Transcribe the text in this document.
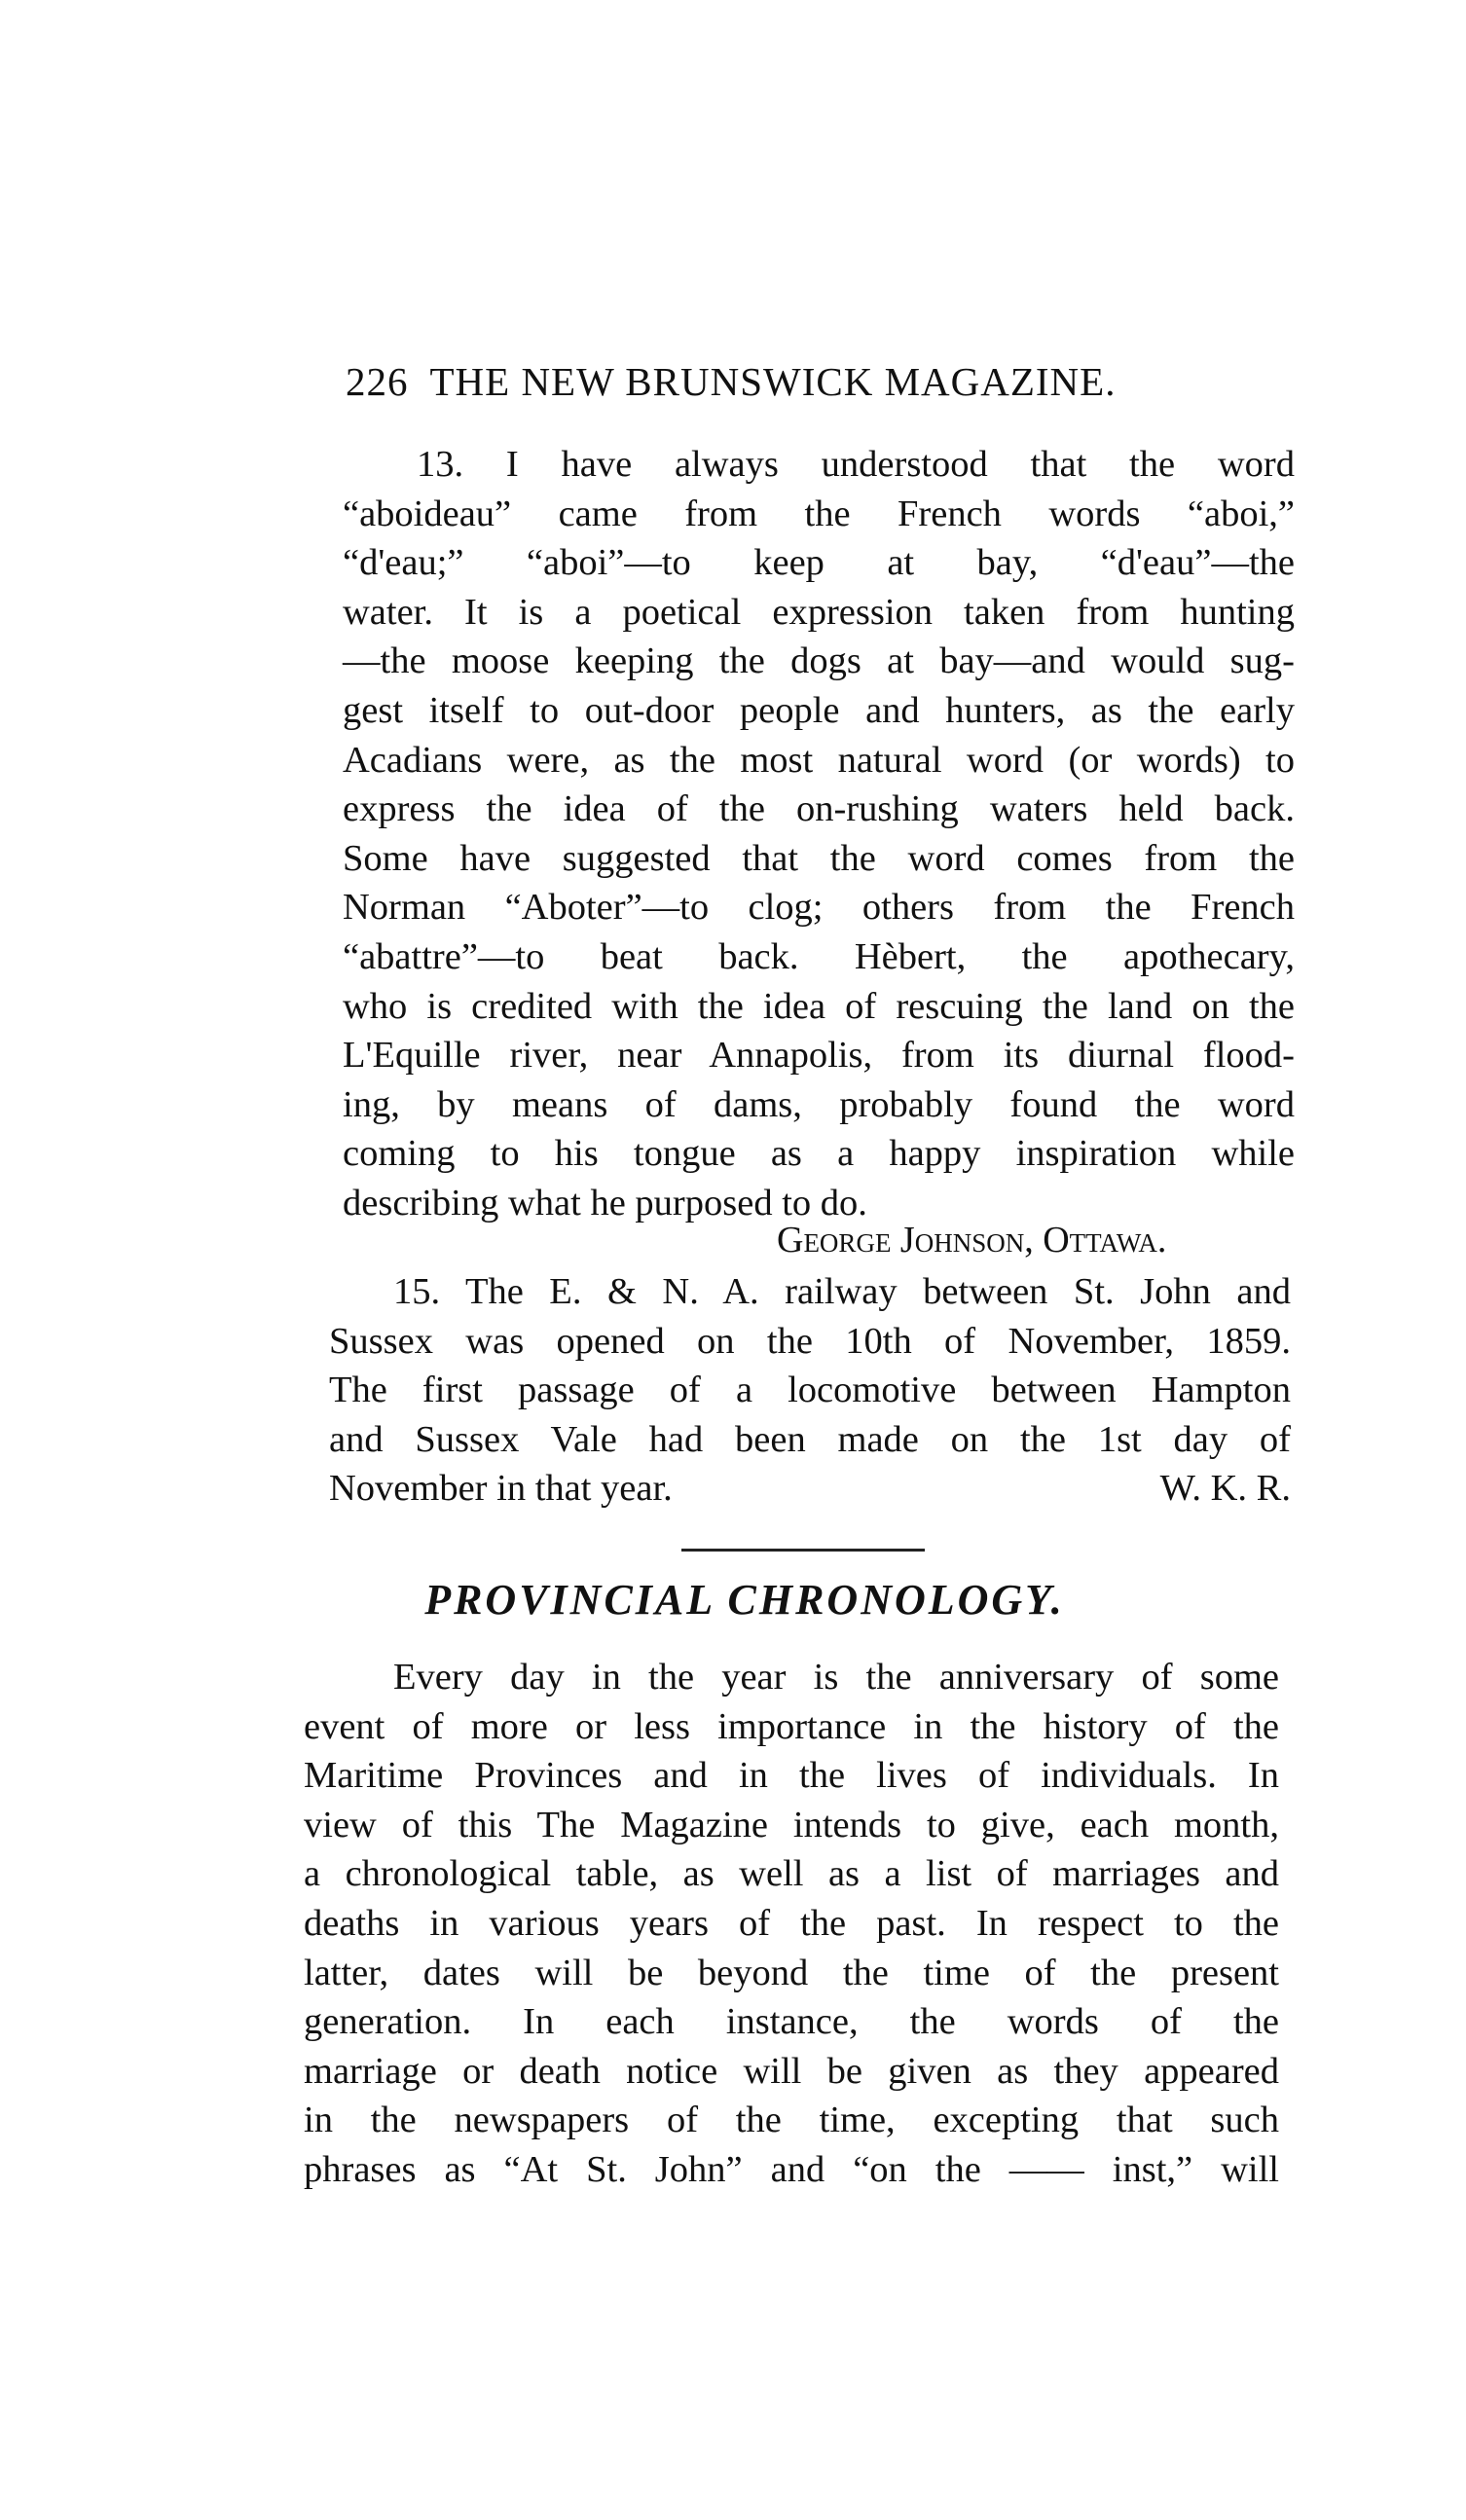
226 THE NEW BRUNSWICK MAGAZINE.
13. I have always understood that the word
“aboideau” came from the French words “aboi,”
“d'eau;” “aboi”—to keep at bay, “d'eau”—the
water. It is a poetical expression taken from hunting
—the moose keeping the dogs at bay—and would sug-
gest itself to out-door people and hunters, as the early
Acadians were, as the most natural word (or words) to
express the idea of the on-rushing waters held back.
Some have suggested that the word comes from the
Norman “Aboter”—to clog; others from the French
“abattre”—to beat back. Hèbert, the apothecary,
who is credited with the idea of rescuing the land on the
L'Equille river, near Annapolis, from its diurnal flood-
ing, by means of dams, probably found the word
coming to his tongue as a happy inspiration while
describing what he purposed to do.
George Johnson, Ottawa.
15. The E. & N. A. railway between St. John and
Sussex was opened on the 10th of November, 1859.
The first passage of a locomotive between Hampton
and Sussex Vale had been made on the 1st day of
November in that year.	W. K. R.
PROVINCIAL CHRONOLOGY.
Every day in the year is the anniversary of some
event of more or less importance in the history of the
Maritime Provinces and in the lives of individuals. In
view of this The Magazine intends to give, each month,
a chronological table, as well as a list of marriages and
deaths in various years of the past. In respect to the
latter, dates will be beyond the time of the present
generation. In each instance, the words of the
marriage or death notice will be given as they appeared
in the newspapers of the time, excepting that such
phrases as “At St. John” and “on the —— inst,” will
